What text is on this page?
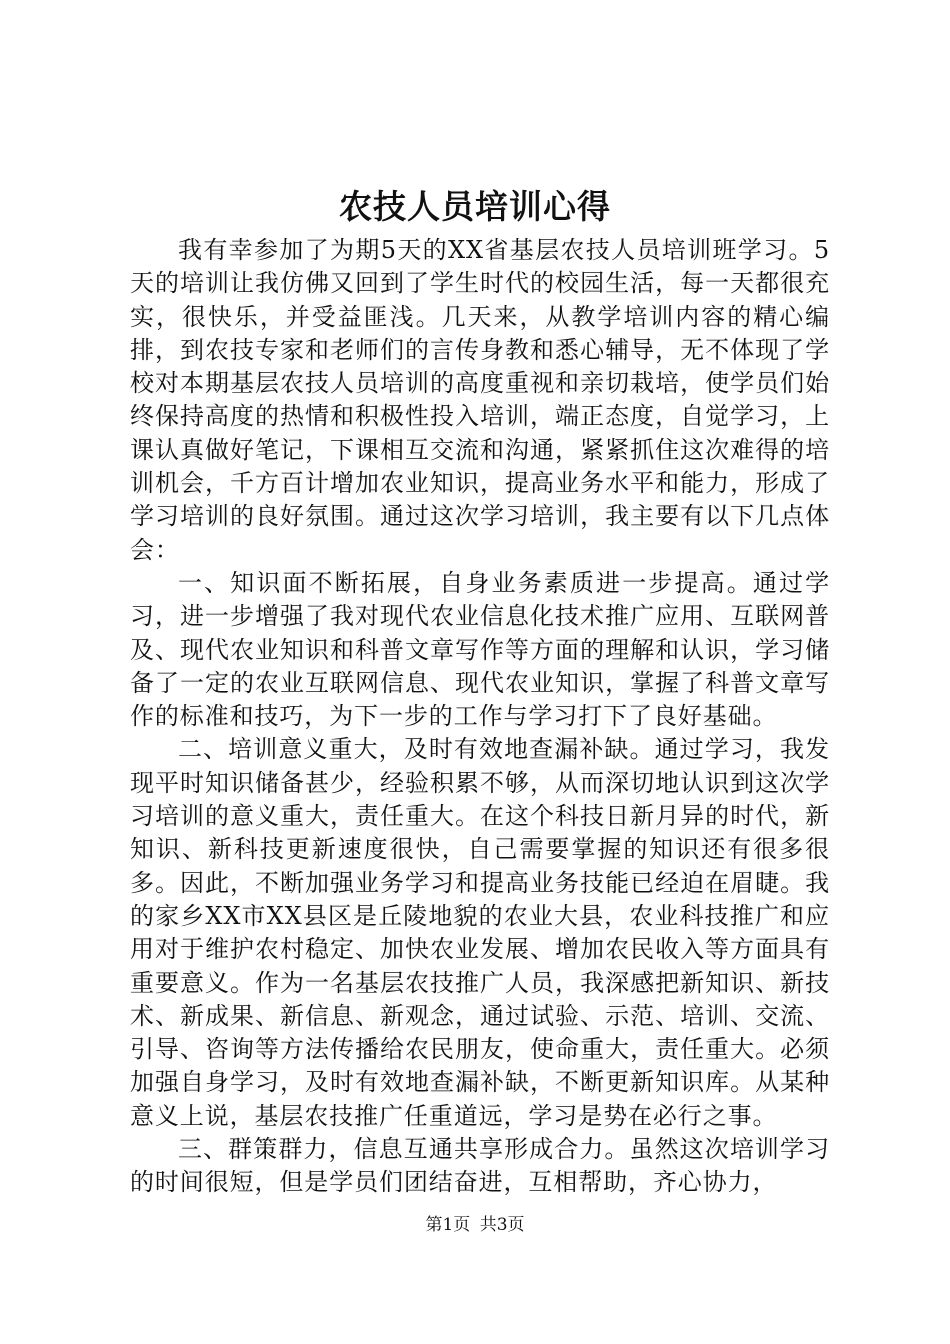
农技人员培训心得

我有幸参加了为期5天的XX省基层农技人员培训班学习。5天的培训让我仿佛又回到了学生时代的校园生活，每一天都很充实，很快乐，并受益匪浅。几天来，从教学培训内容的精心编排，到农技专家和老师们的言传身教和悉心辅导，无不体现了学校对本期基层农技人员培训的高度重视和亲切栽培，使学员们始终保持高度的热情和积极性投入培训，端正态度，自觉学习，上课认真做好笔记，下课相互交流和沟通，紧紧抓住这次难得的培训机会，千方百计增加农业知识，提高业务水平和能力，形成了学习培训的良好氛围。通过这次学习培训，我主要有以下几点体会：

一、知识面不断拓展，自身业务素质进一步提高。通过学习，进一步增强了我对现代农业信息化技术推广应用、互联网普及、现代农业知识和科普文章写作等方面的理解和认识，学习储备了一定的农业互联网信息、现代农业知识，掌握了科普文章写作的标准和技巧，为下一步的工作与学习打下了良好基础。

二、培训意义重大，及时有效地查漏补缺。通过学习，我发现平时知识储备甚少，经验积累不够，从而深切地认识到这次学习培训的意义重大，责任重大。在这个科技日新月异的时代，新知识、新科技更新速度很快，自己需要掌握的知识还有很多很多。因此，不断加强业务学习和提高业务技能已经迫在眉睫。我的家乡XX市XX县区是丘陵地貌的农业大县，农业科技推广和应用对于维护农村稳定、加快农业发展、增加农民收入等方面具有重要意义。作为一名基层农技推广人员，我深感把新知识、新技术、新成果、新信息、新观念，通过试验、示范、培训、交流、引导、咨询等方法传播给农民朋友，使命重大，责任重大。必须加强自身学习，及时有效地查漏补缺，不断更新知识库。从某种意义上说，基层农技推广任重道远，学习是势在必行之事。

三、群策群力，信息互通共享形成合力。虽然这次培训学习的时间很短，但是学员们团结奋进，互相帮助，齐心协力，

第1页 共3页
